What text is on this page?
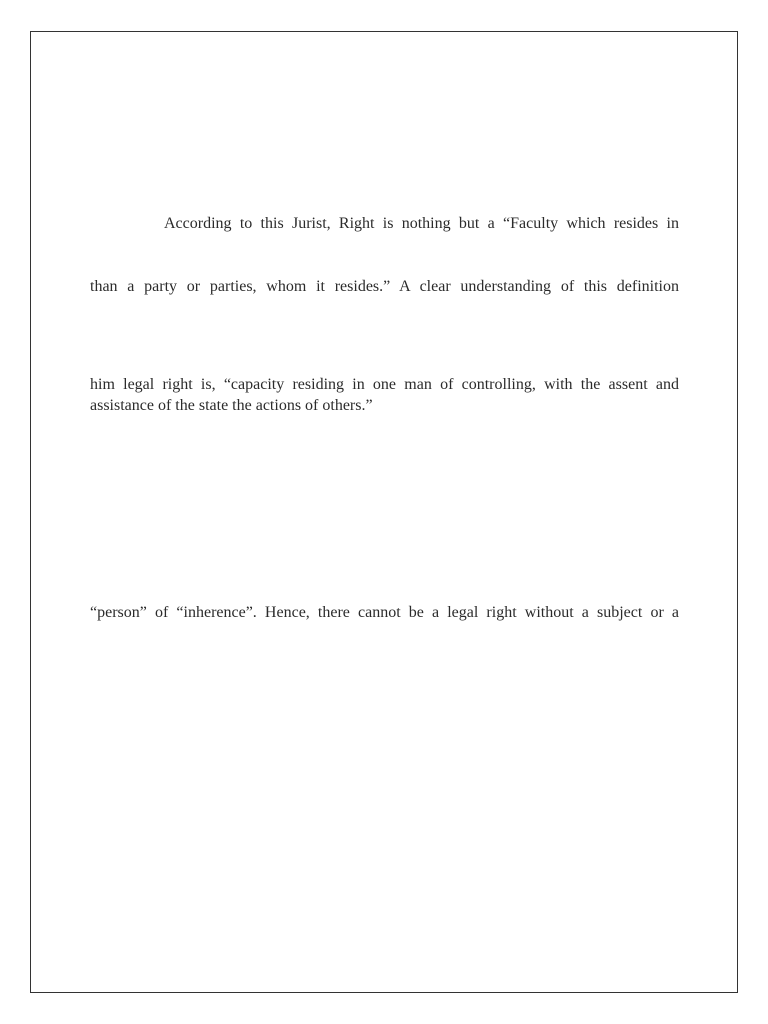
According to this Jurist, Right is nothing but a “Faculty which resides in
than a party or parties, whom it resides.” A clear understanding of this definition
him legal right is, “capacity residing in one man of controlling, with the assent and
assistance of the state the actions of others.”
“person” of “inherence”. Hence, there cannot be a legal right without a subject or a
